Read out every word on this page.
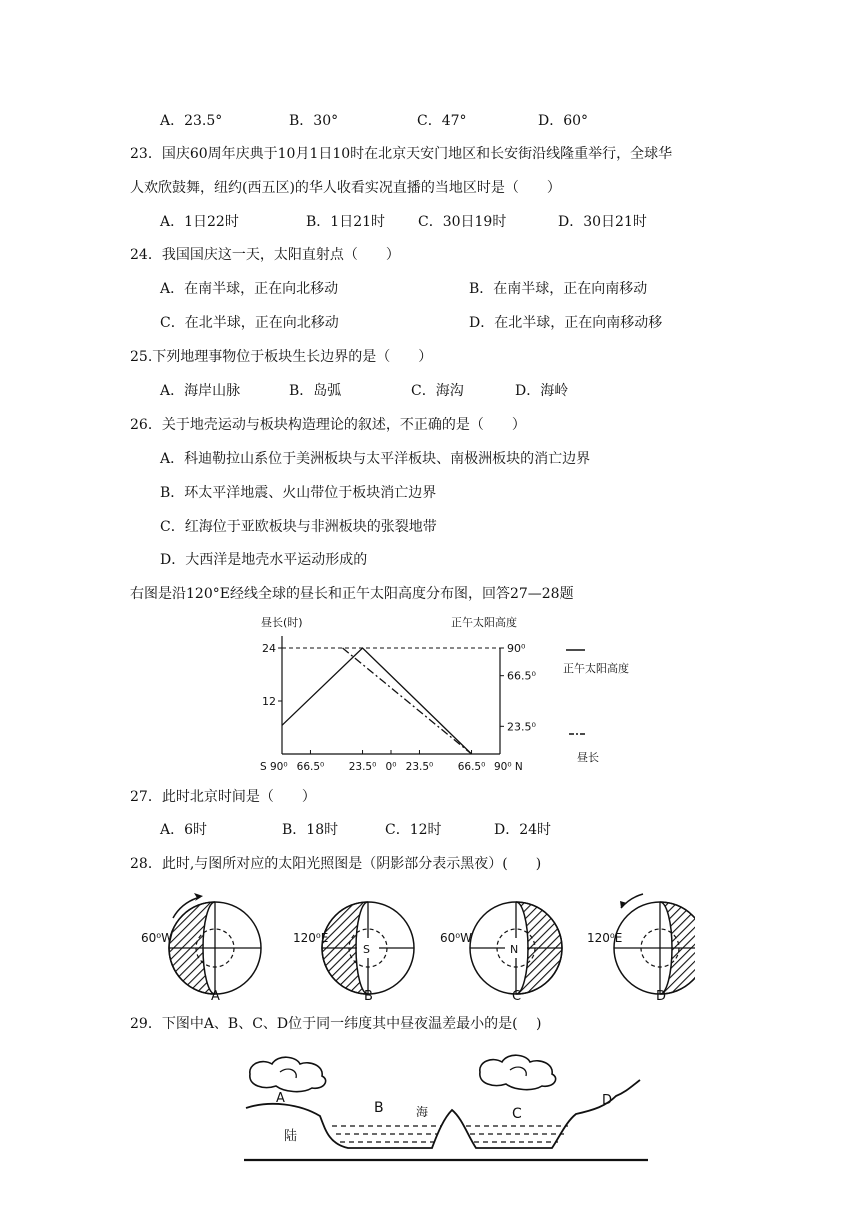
A．23.5°	B．30°	C．47°	D．60°
23．国庆60周年庆典于10月1日10时在北京天安门地区和长安街沿线隆重举行，全球华
人欢欣鼓舞，纽约(西五区)的华人收看实况直播的当地区时是（　　）
A．1日22时	B．1日21时 C．30日19时	D．30日21时
24．我国国庆这一天，太阳直射点（　　）
A．在南半球，正在向北移动	B．在南半球，正在向南移动
C．在北半球，正在向北移动	D．在北半球，正在向南移动移
25.下列地理事物位于板块生长边界的是（　　）
A．海岸山脉	B．岛弧	C．海沟	D．海岭
26．关于地壳运动与板块构造理论的叙述，不正确的是（　　）
A．科迪勒拉山系位于美洲板块与太平洋板块、南极洲板块的消亡边界
B．环太平洋地震、火山带位于板块消亡边界
C．红海位于亚欧板块与非洲板块的张裂地带
D．大西洋是地壳水平运动形成的
右图是沿120°E经线全球的昼长和正午太阳高度分布图，回答27—28题
昼长(时)	正午太阳高度
24
12
90⁰
66.5⁰
23.5⁰
S 90⁰ 66.5⁰ 23.5⁰ 0⁰ 23.5⁰ 66.5⁰ 90⁰ N
正午太阳高度
昼长
27．此时北京时间是（　　）
A．6时	B．18时	C．12时	D．24时
28．此时,与图所对应的太阳光照图是（阴影部分表示黑夜）(　　)
60⁰W
A
120⁰E
S
B
60⁰W
N
C
120⁰E
D
29．下图中A、B、C、D位于同一纬度其中昼夜温差最小的是(　 )
A
B	C
D
陆
海
